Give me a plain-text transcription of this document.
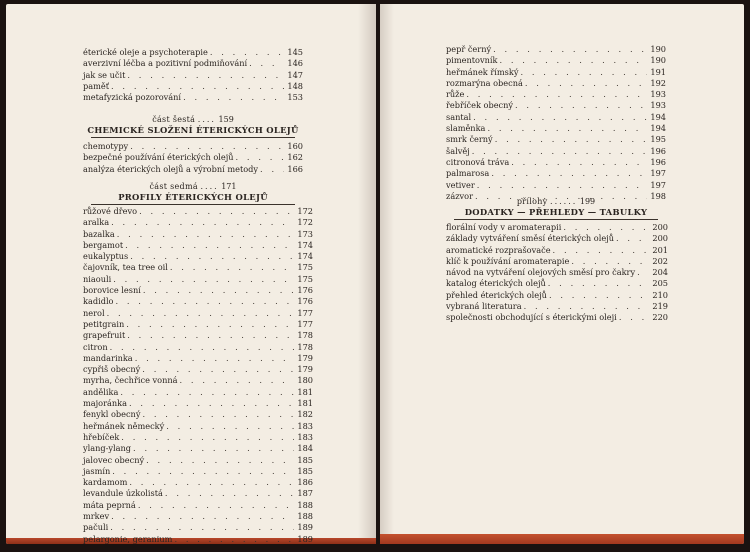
éterické oleje a psychoterapie . . .	145
averzivní léčba a pozitivní podmiňování . . .	146
jak se učit . . .	147
paměť . . .	148
metafyzická pozorování . . .	153
část šestá .... 159
CHEMICKÉ SLOŽENÍ ÉTERICKÝCH OLEJŮ
chemotypy . . .	160
bezpečné používání éterických olejů . . .	162
analýza éterických olejů a výrobní metody . . .	166
část sedmá .... 171
PROFILY ÉTERICKÝCH OLEJŮ
růžové dřevo . . .	172
aralka . . .	172
bazalka . . .	173
bergamot . . .	174
eukalyptus . . .	174
čajovník, tea tree oil . . .	175
niaouli . . .	175
borovice lesní . . .	176
kadidlo . . .	176
nerol . . .	177
petitgrain . . .	177
grapefruit . . .	178
citron . . .	178
mandarinka . . .	179
cypřiš obecný . . .	179
myrha, čechřice vonná . . .	180
andělika . . .	181
majoránka . . .	181
fenykl obecný . . .	182
heřmánek německý . . .	183
hřebíček . . .	183
ylang-ylang . . .	184
jalovec obecný . . .	185
jasmín . . .	185
kardamom . . .	186
levandule úzkolistá . . .	187
máta peprná . . .	188
mrkev . . .	188
pačuli . . .	189
pelargonie, geranium . . .	189
pepř černý . . .	190
pimentovník . . .	190
heřmánek římský . . .	191
rozmarýna obecná . . .	192
růže . . .	193
řebříček obecný . . .	193
santal . . .	194
slaměnka . . .	194
smrk černý . . .	195
šalvěj . . .	196
citronová tráva . . .	196
palmarosa . . .	197
vetiver . . .	197
zázvor . . .	198
přílohy ...... 199
DODATKY — PŘEHLEDY — TABULKY
florální vody v aromaterapii . . .	200
základy vytváření směsí éterických olejů . . .	200
aromatické rozprašovače . . .	201
klíč k používání aromaterapie . . .	202
návod na vytváření olejových směsí pro čakry . . .	204
katalog éterických olejů . . .	205
přehled éterických olejů . . .	210
vybraná literatura . . .	219
společnosti obchodující s éterickými oleji . . .	220
